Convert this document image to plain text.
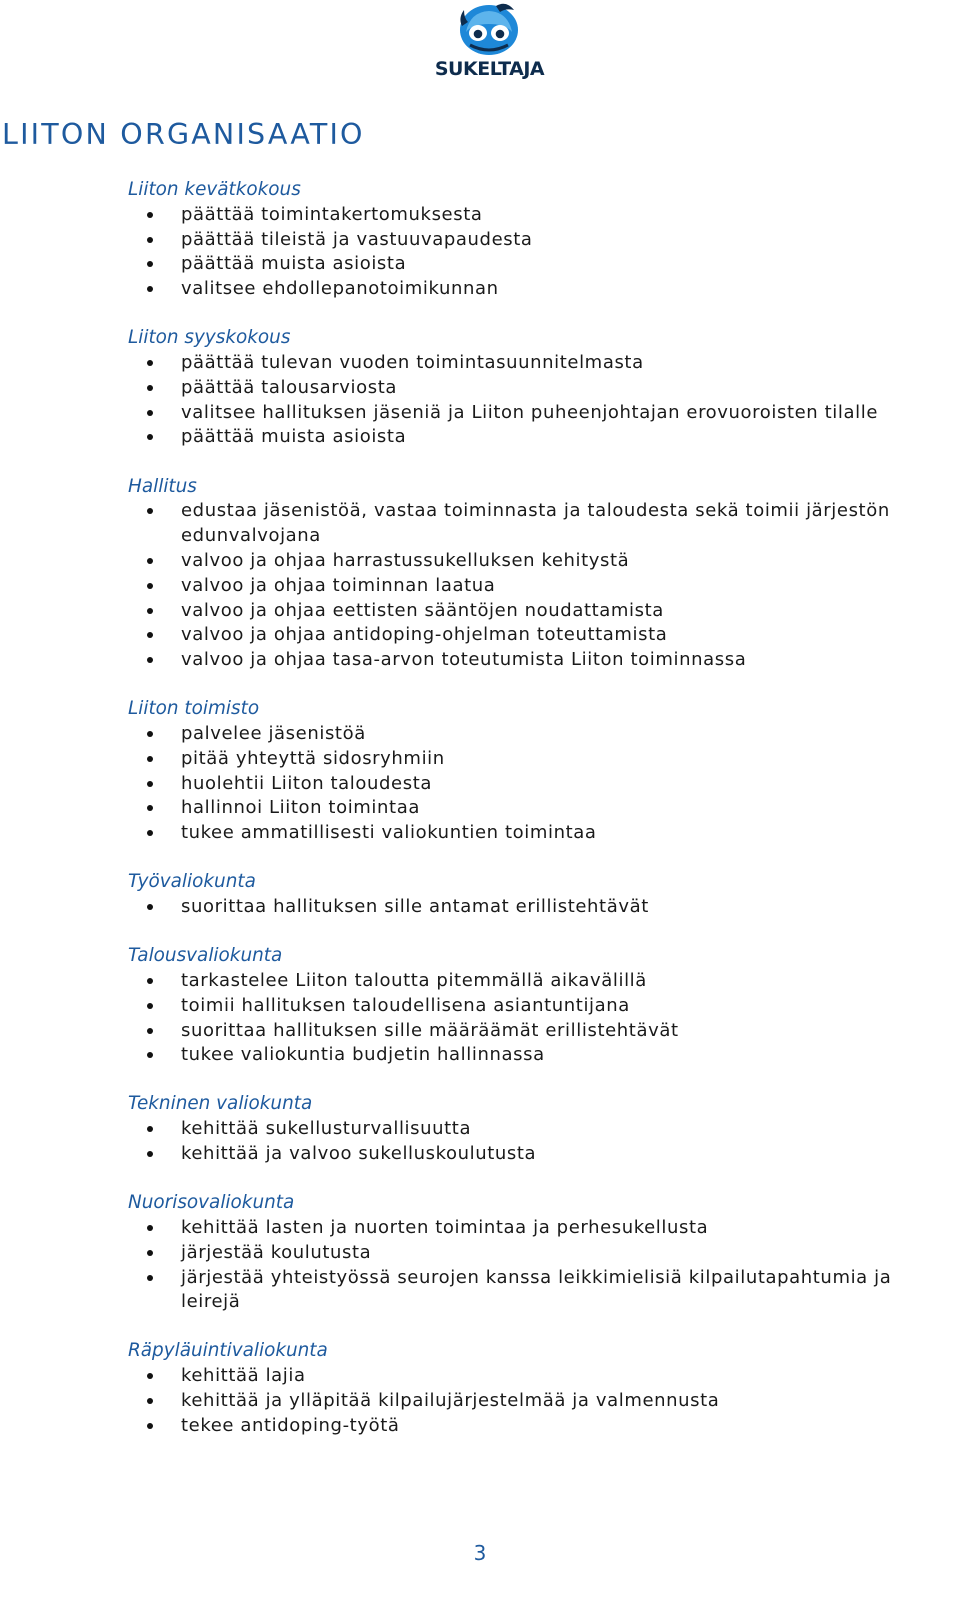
SUKELTAJA
LIITON ORGANISAATIO
Liiton kevätkokous
päättää toimintakertomuksesta
päättää tileistä ja vastuuvapaudesta
päättää muista asioista
valitsee ehdollepanotoimikunnan
Liiton syyskokous
päättää tulevan vuoden toimintasuunnitelmasta
päättää talousarviosta
valitsee hallituksen jäseniä ja Liiton puheenjohtajan erovuoroisten tilalle
päättää muista asioista
Hallitus
edustaa jäsenistöä, vastaa toiminnasta ja taloudesta sekä toimii järjestön edunvalvojana
valvoo ja ohjaa harrastussukelluksen kehitystä
valvoo ja ohjaa toiminnan laatua
valvoo ja ohjaa eettisten sääntöjen noudattamista
valvoo ja ohjaa antidoping-ohjelman toteuttamista
valvoo ja ohjaa tasa-arvon toteutumista Liiton toiminnassa
Liiton toimisto
palvelee jäsenistöä
pitää yhteyttä sidosryhmiin
huolehtii Liiton taloudesta
hallinnoi Liiton toimintaa
tukee ammatillisesti valiokuntien toimintaa
Työvaliokunta
suorittaa hallituksen sille antamat erillistehtävät
Talousvaliokunta
tarkastelee Liiton taloutta pitemmällä aikavälillä
toimii hallituksen taloudellisena asiantuntijana
suorittaa hallituksen sille määräämät erillistehtävät
tukee valiokuntia budjetin hallinnassa
Tekninen valiokunta
kehittää sukellusturvallisuutta
kehittää ja valvoo sukelluskoulutusta
Nuorisovaliokunta
kehittää lasten ja nuorten toimintaa ja perhesukellusta
järjestää koulutusta
järjestää yhteistyössä seurojen kanssa leikkimielisiä kilpailutapahtumia ja leirejä
Räpyläuintivaliokunta
kehittää lajia
kehittää ja ylläpitää kilpailujärjestelmää ja valmennusta
tekee antidoping-työtä
3
